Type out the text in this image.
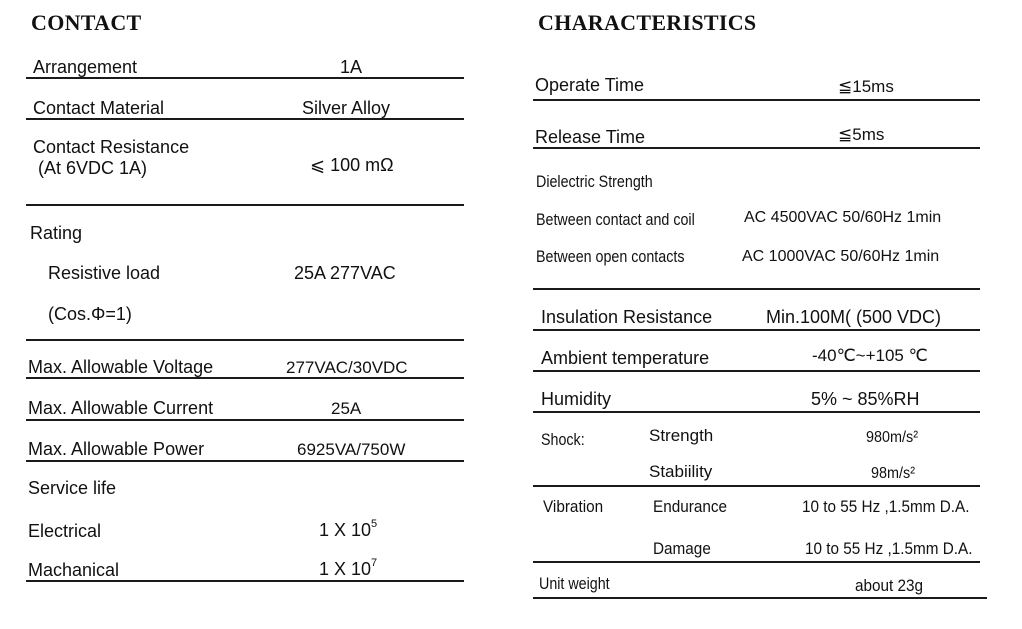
CONTACT
Arrangement	1A
Contact Material	Silver Alloy
Contact Resistance
(At 6VDC 1A)	⩽ 100 mΩ
Rating
Resistive load	25A 277VAC
(Cos.Φ=1)
Max. Allowable Voltage	277VAC/30VDC
Max. Allowable Current	25A
Max. Allowable Power	6925VA/750W
Service life
Electrical	1 X $10^5$
Machanical	1 X $10^7$
CHARACTERISTICS
Operate Time	≦15ms
Release Time	≦5ms
Dielectric Strength
Between contact and coil	AC 4500VAC 50/60Hz 1min
Between open contacts	AC 1000VAC 50/60Hz 1min
Insulation Resistance	Min.100M( (500 VDC)
Ambient temperature	-40℃~+105 ℃
Humidity	5% ~ 85%RH
Shock:	Strength	980m/s²
Stabiility	98m/s²
Vibration	Endurance	10 to 55 Hz ,1.5mm D.A.
Damage	10 to 55 Hz ,1.5mm D.A.
Unit weight	about 23g
